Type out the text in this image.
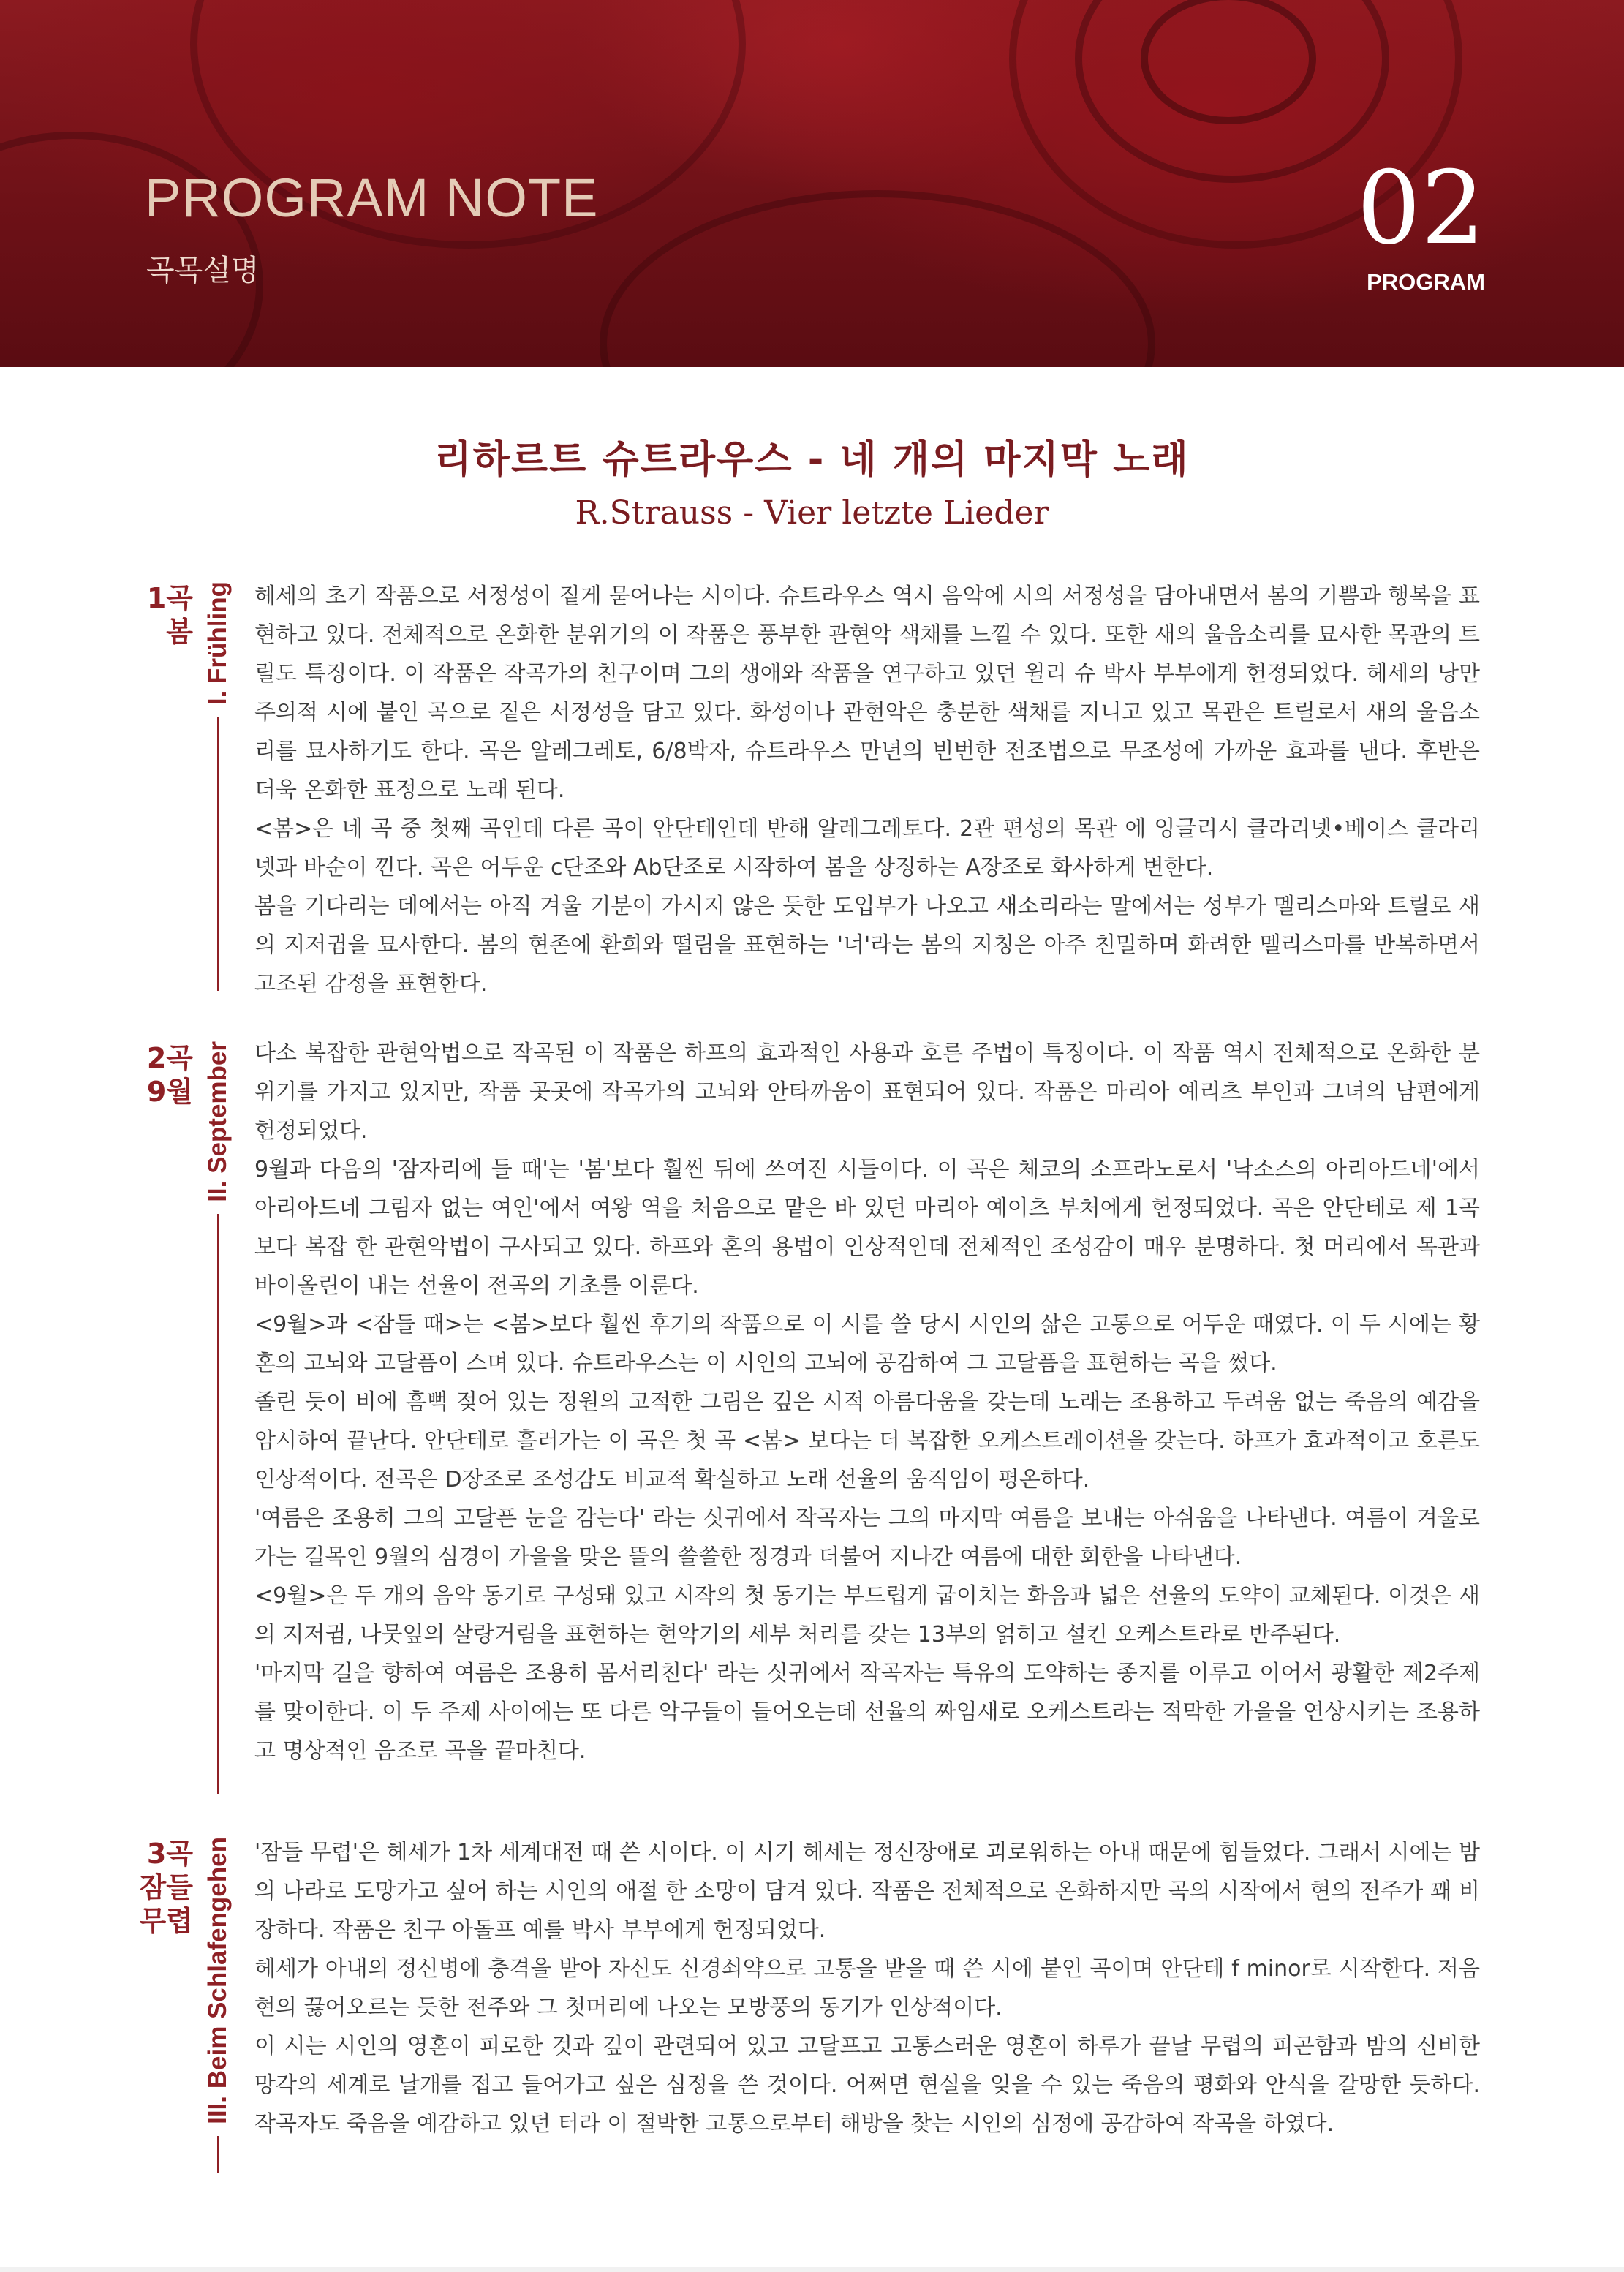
PROGRAM NOTE
곡목설명
02
PROGRAM
리하르트 슈트라우스 - 네 개의 마지막 노래
R.Strauss - Vier letzte Lieder
1곡
봄 I. Frühling 헤세의 초기 작품으로 서정성이 짙게 묻어나는 시이다. 슈트라우스 역시 음악에 시의 서정성을 담아내면서 봄의 기쁨과 행복을 표현하고 있다. 전체적으로 온화한 분위기의 이 작품은 풍부한 관현악 색채를 느낄 수 있다. 또한 새의 울음소리를 묘사한 목관의 트릴도 특징이다. 이 작품은 작곡가의 친구이며 그의 생애와 작품을 연구하고 있던 윌리 슈 박사 부부에게 헌정되었다. 헤세의 낭만주의적 시에 붙인 곡으로 짙은 서정성을 담고 있다. 화성이나 관현악은 충분한 색채를 지니고 있고 목관은 트릴로서 새의 울음소리를 묘사하기도 한다. 곡은 알레그레토, 6/8박자, 슈트라우스 만년의 빈번한 전조법으로 무조성에 가까운 효과를 낸다. 후반은 더욱 온화한 표정으로 노래 된다.

<봄>은 네 곡 중 첫째 곡인데 다른 곡이 안단테인데 반해 알레그레토다. 2관 편성의 목관 에 잉글리시 클라리넷•베이스 클라리넷과 바순이 낀다. 곡은 어두운 c단조와 Ab단조로 시작하여 봄을 상징하는 A장조로 화사하게 변한다.

봄을 기다리는 데에서는 아직 겨울 기분이 가시지 않은 듯한 도입부가 나오고 새소리라는 말에서는 성부가 멜리스마와 트릴로 새의 지저귐을 묘사한다. 봄의 현존에 환희와 떨림을 표현하는 '너'라는 봄의 지칭은 아주 친밀하며 화려한 멜리스마를 반복하면서 고조된 감정을 표현한다.

2곡
9월 II. September 다소 복잡한 관현악법으로 작곡된 이 작품은 하프의 효과적인 사용과 호른 주법이 특징이다. 이 작품 역시 전체적으로 온화한 분위기를 가지고 있지만, 작품 곳곳에 작곡가의 고뇌와 안타까움이 표현되어 있다. 작품은 마리아 예리츠 부인과 그녀의 남편에게 헌정되었다.

9월과 다음의 '잠자리에 들 때'는 '봄'보다 훨씬 뒤에 쓰여진 시들이다. 이 곡은 체코의 소프라노로서 '낙소스의 아리아드네'에서 아리아드네 그림자 없는 여인'에서 여왕 역을 처음으로 맡은 바 있던 마리아 예이츠 부처에게 헌정되었다. 곡은 안단테로 제 1곡 보다 복잡 한 관현악법이 구사되고 있다. 하프와 혼의 용법이 인상적인데 전체적인 조성감이 매우 분명하다. 첫 머리에서 목관과 바이올린이 내는 선율이 전곡의 기초를 이룬다.

<9월>과 <잠들 때>는 <봄>보다 훨씬 후기의 작품으로 이 시를 쓸 당시 시인의 삶은 고통으로 어두운 때였다. 이 두 시에는 황혼의 고뇌와 고달픔이 스며 있다. 슈트라우스는 이 시인의 고뇌에 공감하여 그 고달픔을 표현하는 곡을 썼다.

졸린 듯이 비에 흠뻑 젖어 있는 정원의 고적한 그림은 깊은 시적 아름다움을 갖는데 노래는 조용하고 두려움 없는 죽음의 예감을 암시하여 끝난다. 안단테로 흘러가는 이 곡은 첫 곡 <봄> 보다는 더 복잡한 오케스트레이션을 갖는다. 하프가 효과적이고 호른도 인상적이다. 전곡은 D장조로 조성감도 비교적 확실하고 노래 선율의 움직임이 평온하다.

'여름은 조용히 그의 고달픈 눈을 감는다' 라는 싯귀에서 작곡자는 그의 마지막 여름을 보내는 아쉬움을 나타낸다. 여름이 겨울로 가는 길목인 9월의 심경이 가을을 맞은 뜰의 쓸쓸한 정경과 더불어 지나간 여름에 대한 회한을 나타낸다.

<9월>은 두 개의 음악 동기로 구성돼 있고 시작의 첫 동기는 부드럽게 굽이치는 화음과 넓은 선율의 도약이 교체된다. 이것은 새의 지저귐, 나뭇잎의 살랑거림을 표현하는 현악기의 세부 처리를 갖는 13부의 얽히고 설킨 오케스트라로 반주된다.

'마지막 길을 향하여 여름은 조용히 몸서리친다' 라는 싯귀에서 작곡자는 특유의 도약하는 종지를 이루고 이어서 광활한 제2주제를 맞이한다. 이 두 주제 사이에는 또 다른 악구들이 들어오는데 선율의 짜임새로 오케스트라는 적막한 가을을 연상시키는 조용하고 명상적인 음조로 곡을 끝마친다.

3곡
잠들
무렵 III. Beim Schlafengehen '잠들 무렵'은 헤세가 1차 세계대전 때 쓴 시이다. 이 시기 헤세는 정신장애로 괴로워하는 아내 때문에 힘들었다. 그래서 시에는 밤의 나라로 도망가고 싶어 하는 시인의 애절 한 소망이 담겨 있다. 작품은 전체적으로 온화하지만 곡의 시작에서 현의 전주가 꽤 비장하다. 작품은 친구 아돌프 예를 박사 부부에게 헌정되었다.

헤세가 아내의 정신병에 충격을 받아 자신도 신경쇠약으로 고통을 받을 때 쓴 시에 붙인 곡이며 안단테 f minor로 시작한다. 저음현의 끓어오르는 듯한 전주와 그 첫머리에 나오는 모방풍의 동기가 인상적이다.

이 시는 시인의 영혼이 피로한 것과 깊이 관련되어 있고 고달프고 고통스러운 영혼이 하루가 끝날 무렵의 피곤함과 밤의 신비한 망각의 세계로 날개를 접고 들어가고 싶은 심정을 쓴 것이다. 어쩌면 현실을 잊을 수 있는 죽음의 평화와 안식을 갈망한 듯하다. 작곡자도 죽음을 예감하고 있던 터라 이 절박한 고통으로부터 해방을 찾는 시인의 심정에 공감하여 작곡을 하였다.
